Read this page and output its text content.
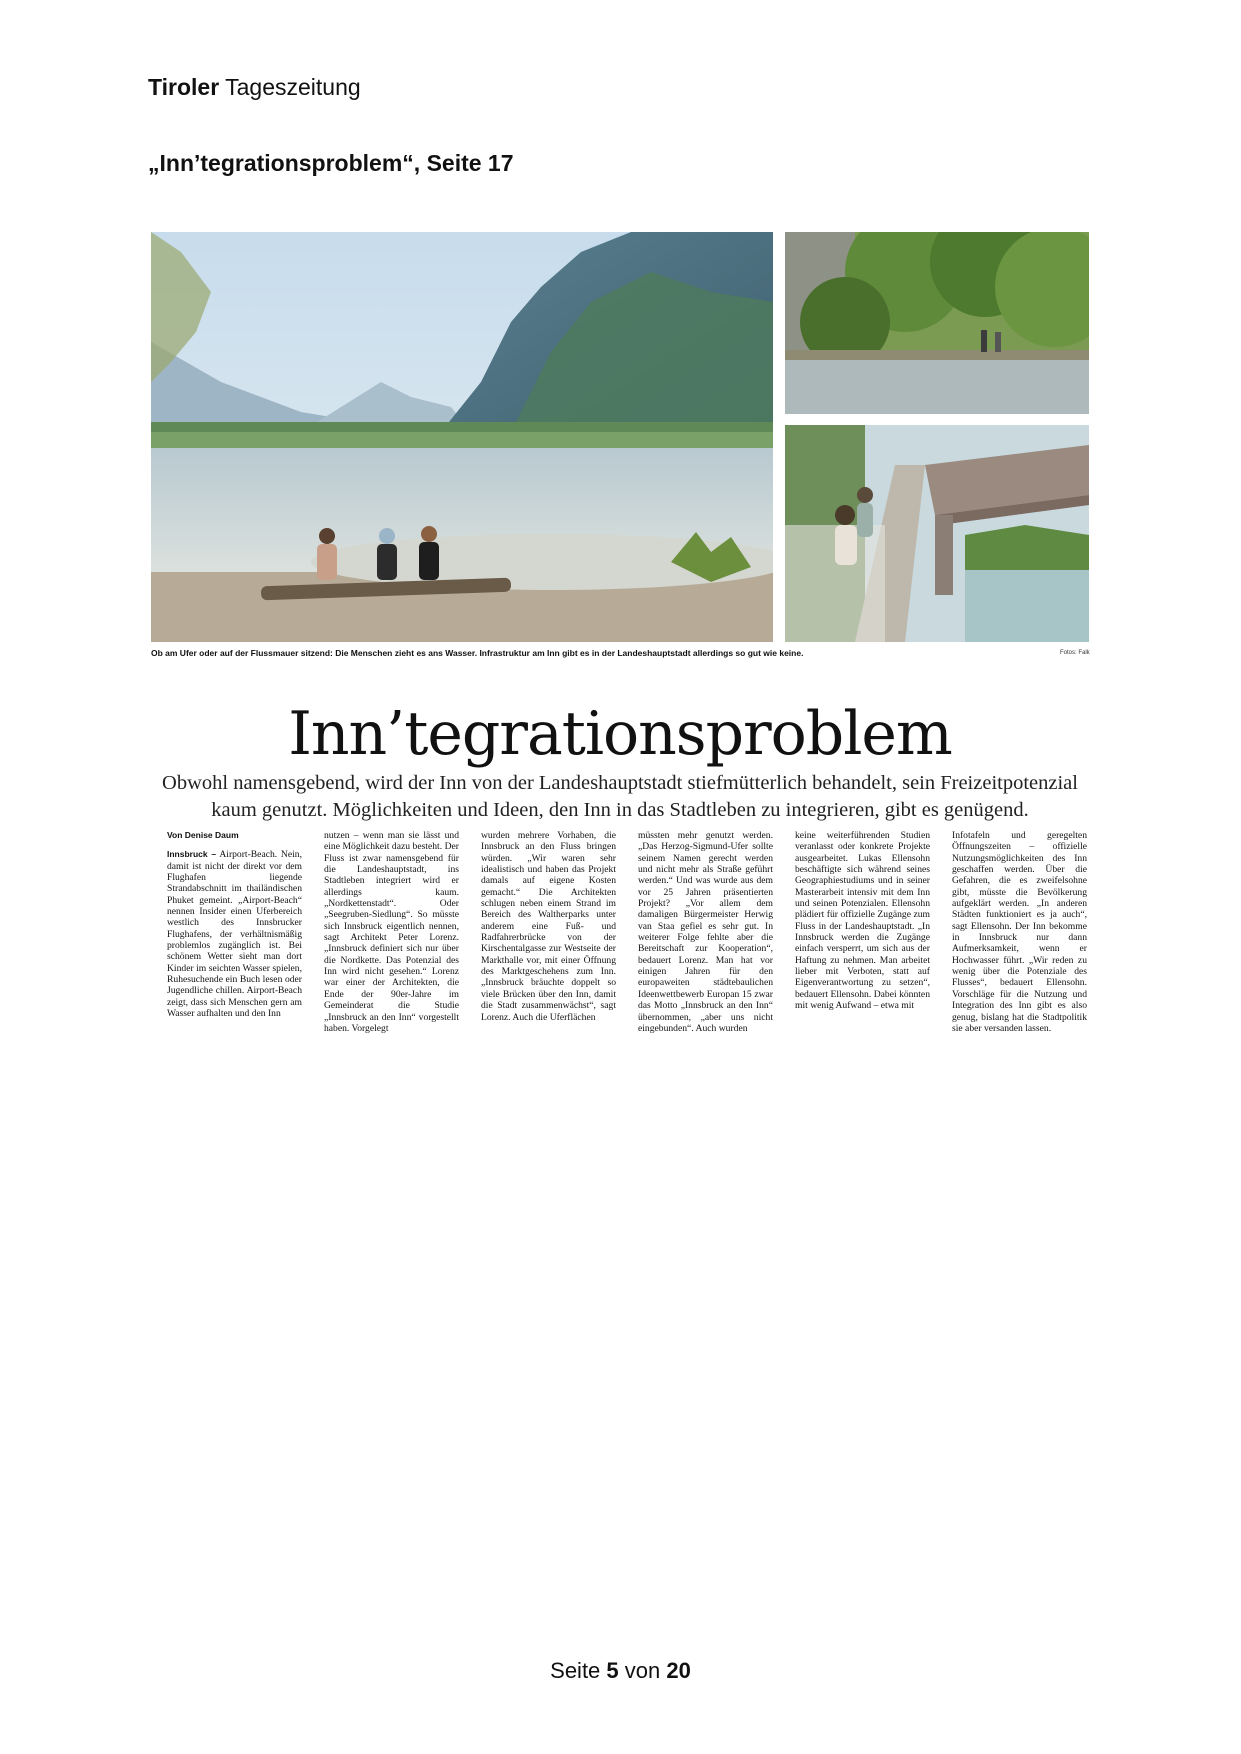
Tiroler Tageszeitung
„Inn’tegrationsproblem“, Seite 17
Ob am Ufer oder auf der Flussmauer sitzend: Die Menschen zieht es ans Wasser. Infrastruktur am Inn gibt es in der Landeshauptstadt allerdings so gut wie keine.	Fotos: Falk
Inn’tegrationsproblem
Obwohl namensgebend, wird der Inn von der Landeshauptstadt stiefmütterlich behandelt, sein Freizeitpotenzial kaum genutzt. Möglichkeiten und Ideen, den Inn in das Stadtleben zu integrieren, gibt es genügend.
Von Denise Daum
Innsbruck – Airport-Beach. Nein, damit ist nicht der direkt vor dem Flughafen liegende Strandabschnitt im thailändischen Phuket gemeint. „Airport-Beach“ nennen Insider einen Uferbereich westlich des Innsbrucker Flughafens, der verhältnismäßig problemlos zugänglich ist. Bei schönem Wetter sieht man dort Kinder im seichten Wasser spielen, Ruhesuchende ein Buch lesen oder Jugendliche chillen. Airport-Beach zeigt, dass sich Menschen gern am Wasser aufhalten und den Inn
nutzen – wenn man sie lässt und eine Möglichkeit dazu besteht. Der Fluss ist zwar namensgebend für die Landeshauptstadt, ins Stadtleben integriert wird er allerdings kaum. „Nordkettenstadt“. Oder „Seegruben-Siedlung“. So müsste sich Innsbruck eigentlich nennen, sagt Architekt Peter Lorenz. „Innsbruck definiert sich nur über die Nordkette. Das Potenzial des Inn wird nicht gesehen.“ Lorenz war einer der Architekten, die Ende der 90er-Jahre im Gemeinderat die Studie „Innsbruck an den Inn“ vorgestellt haben. Vorgelegt
wurden mehrere Vorhaben, die Innsbruck an den Fluss bringen würden. „Wir waren sehr idealistisch und haben das Projekt damals auf eigene Kosten gemacht.“ Die Architekten schlugen neben einem Strand im Bereich des Waltherparks unter anderem eine Fuß- und Radfahrerbrücke von der Kirschentalgasse zur Westseite der Markthalle vor, mit einer Öffnung des Marktgeschehens zum Inn. „Innsbruck bräuchte doppelt so viele Brücken über den Inn, damit die Stadt zusammenwächst“, sagt Lorenz. Auch die Uferflächen
müssten mehr genutzt werden. „Das Herzog-Sigmund-Ufer sollte seinem Namen gerecht werden und nicht mehr als Straße geführt werden.“ Und was wurde aus dem vor 25 Jahren präsentierten Projekt? „Vor allem dem damaligen Bürgermeister Herwig van Staa gefiel es sehr gut. In weiterer Folge fehlte aber die Bereitschaft zur Kooperation“, bedauert Lorenz. Man hat vor einigen Jahren für den europaweiten städtebaulichen Ideenwettbewerb Europan 15 zwar das Motto „Innsbruck an den Inn“ übernommen, „aber uns nicht eingebunden“. Auch wurden
keine weiterführenden Studien veranlasst oder konkrete Projekte ausgearbeitet. Lukas Ellensohn beschäftigte sich während seines Geographiestudiums und in seiner Masterarbeit intensiv mit dem Inn und seinen Potenzialen. Ellensohn plädiert für offizielle Zugänge zum Fluss in der Landeshauptstadt. „In Innsbruck werden die Zugänge einfach versperrt, um sich aus der Haftung zu nehmen. Man arbeitet lieber mit Verboten, statt auf Eigenverantwortung zu setzen“, bedauert Ellensohn. Dabei könnten mit wenig Aufwand – etwa mit
Infotafeln und geregelten Öffnungszeiten – offizielle Nutzungsmöglichkeiten des Inn geschaffen werden. Über die Gefahren, die es zweifelsohne gibt, müsste die Bevölkerung aufgeklärt werden. „In anderen Städten funktioniert es ja auch“, sagt Ellensohn. Der Inn bekomme in Innsbruck nur dann Aufmerksamkeit, wenn er Hochwasser führt. „Wir reden zu wenig über die Potenziale des Flusses“, bedauert Ellensohn. Vorschläge für die Nutzung und Integration des Inn gibt es also genug, bislang hat die Stadtpolitik sie aber versanden lassen.
Seite 5 von 20
